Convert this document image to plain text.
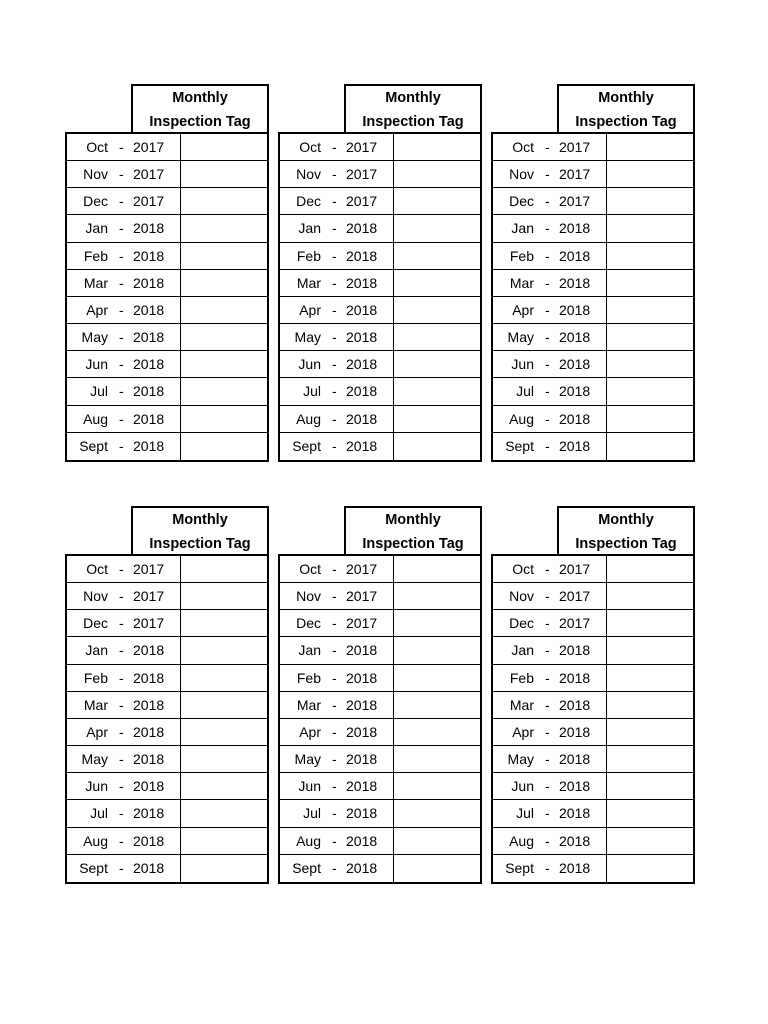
Monthly
Inspection Tag
Oct - 2017
Nov - 2017
Dec - 2017
Jan - 2018
Feb - 2018
Mar - 2018
Apr - 2018
May - 2018
Jun - 2018
Jul - 2018
Aug - 2018
Sept - 2018
Monthly
Inspection Tag
Oct - 2017
Nov - 2017
Dec - 2017
Jan - 2018
Feb - 2018
Mar - 2018
Apr - 2018
May - 2018
Jun - 2018
Jul - 2018
Aug - 2018
Sept - 2018
Monthly
Inspection Tag
Oct - 2017
Nov - 2017
Dec - 2017
Jan - 2018
Feb - 2018
Mar - 2018
Apr - 2018
May - 2018
Jun - 2018
Jul - 2018
Aug - 2018
Sept - 2018
Monthly
Inspection Tag
Oct - 2017
Nov - 2017
Dec - 2017
Jan - 2018
Feb - 2018
Mar - 2018
Apr - 2018
May - 2018
Jun - 2018
Jul - 2018
Aug - 2018
Sept - 2018
Monthly
Inspection Tag
Oct - 2017
Nov - 2017
Dec - 2017
Jan - 2018
Feb - 2018
Mar - 2018
Apr - 2018
May - 2018
Jun - 2018
Jul - 2018
Aug - 2018
Sept - 2018
Monthly
Inspection Tag
Oct - 2017
Nov - 2017
Dec - 2017
Jan - 2018
Feb - 2018
Mar - 2018
Apr - 2018
May - 2018
Jun - 2018
Jul - 2018
Aug - 2018
Sept - 2018
